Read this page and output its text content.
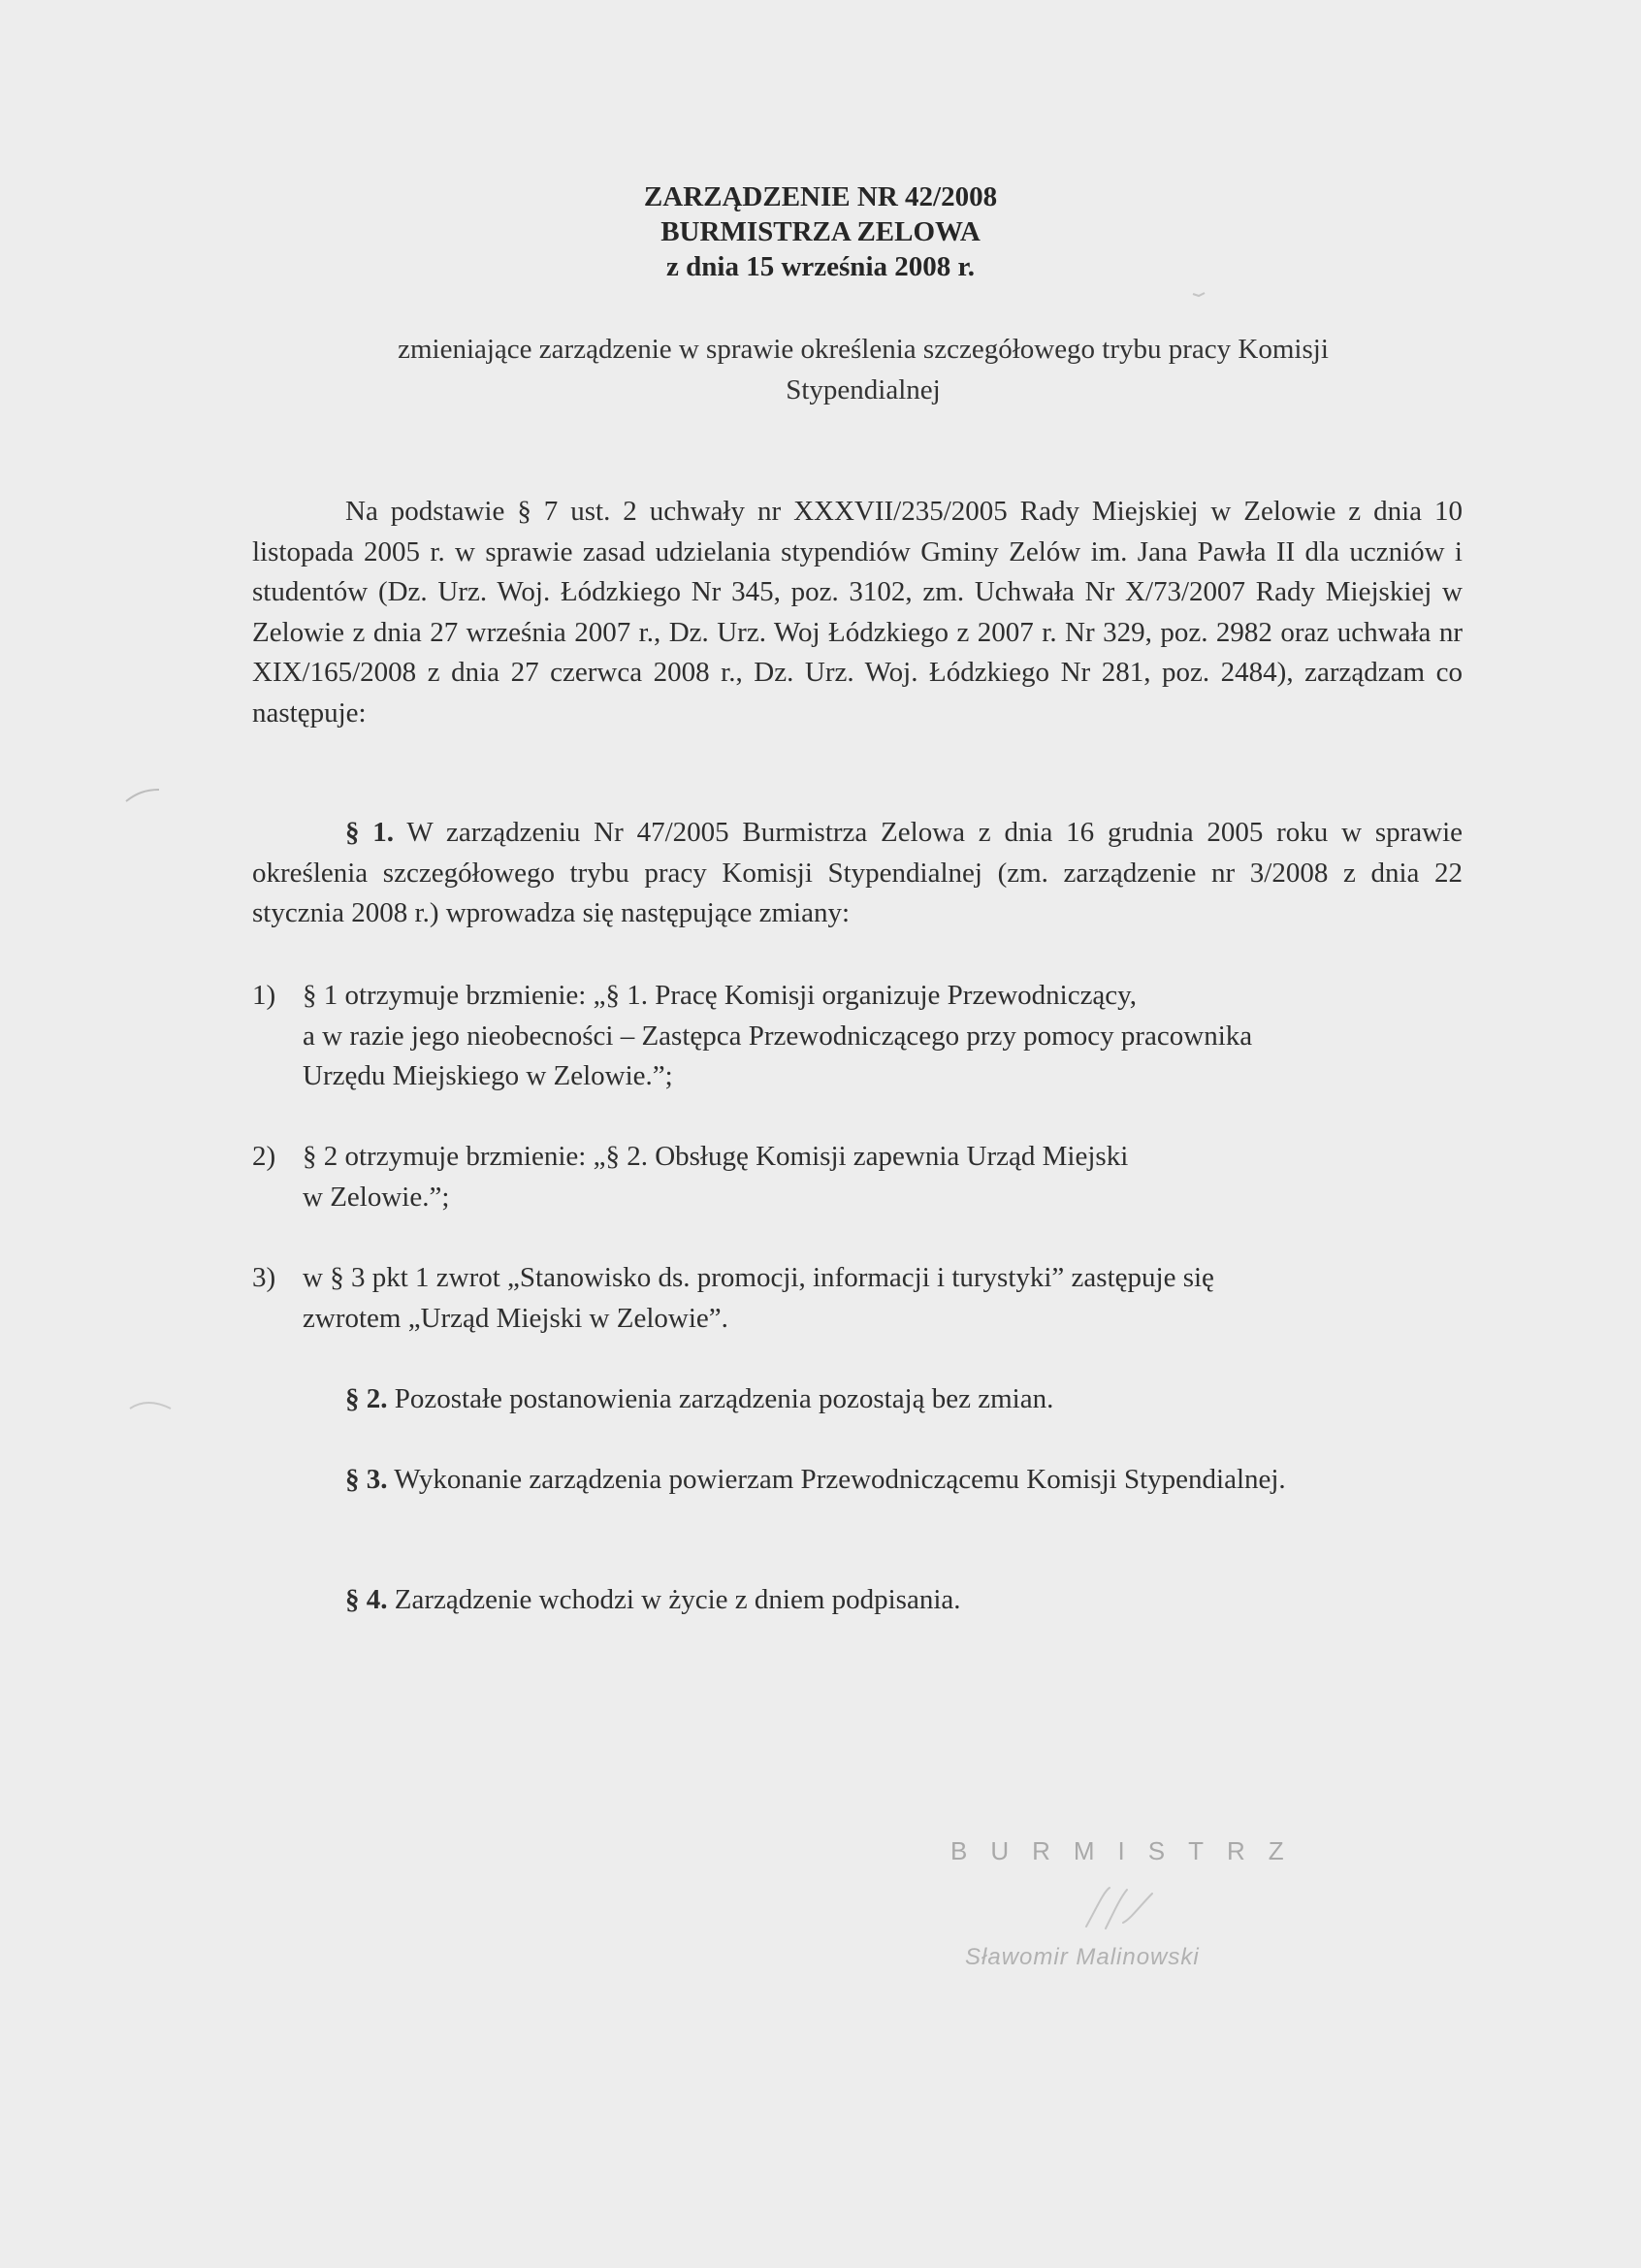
ZARZĄDZENIE NR 42/2008
BURMISTRZA ZELOWA
z dnia 15 września 2008 r.
zmieniające zarządzenie w sprawie określenia szczegółowego trybu pracy Komisji
Stypendialnej
Na podstawie § 7 ust. 2 uchwały nr XXXVII/235/2005 Rady Miejskiej w Zelowie z dnia 10 listopada 2005 r. w sprawie zasad udzielania stypendiów Gminy Zelów im. Jana Pawła II dla uczniów i studentów (Dz. Urz. Woj. Łódzkiego Nr 345, poz. 3102, zm. Uchwała Nr X/73/2007 Rady Miejskiej w Zelowie z dnia 27 września 2007 r., Dz. Urz. Woj Łódzkiego z 2007 r. Nr 329, poz. 2982 oraz uchwała nr XIX/165/2008 z dnia 27 czerwca 2008 r., Dz. Urz. Woj. Łódzkiego Nr 281, poz. 2484), zarządzam co następuje:
§ 1. W zarządzeniu Nr 47/2005 Burmistrza Zelowa z dnia 16 grudnia 2005 roku w sprawie określenia szczegółowego trybu pracy Komisji Stypendialnej (zm. zarządzenie nr 3/2008 z dnia 22 stycznia 2008 r.) wprowadza się następujące zmiany:
1) § 1 otrzymuje brzmienie: „§ 1. Pracę Komisji organizuje Przewodniczący,
a w razie jego nieobecności – Zastępca Przewodniczącego przy pomocy pracownika Urzędu Miejskiego w Zelowie.”;
2) § 2 otrzymuje brzmienie: „§ 2. Obsługę Komisji zapewnia Urząd Miejski
w Zelowie.”;
3) w § 3 pkt 1 zwrot „Stanowisko ds. promocji, informacji i turystyki” zastępuje się
zwrotem „Urząd Miejski w Zelowie”.
§ 2. Pozostałe postanowienia zarządzenia pozostają bez zmian.
§ 3. Wykonanie zarządzenia powierzam Przewodniczącemu Komisji Stypendialnej.
§ 4. Zarządzenie wchodzi w życie z dniem podpisania.
BURMISTRZ
Sławomir Malinowski
